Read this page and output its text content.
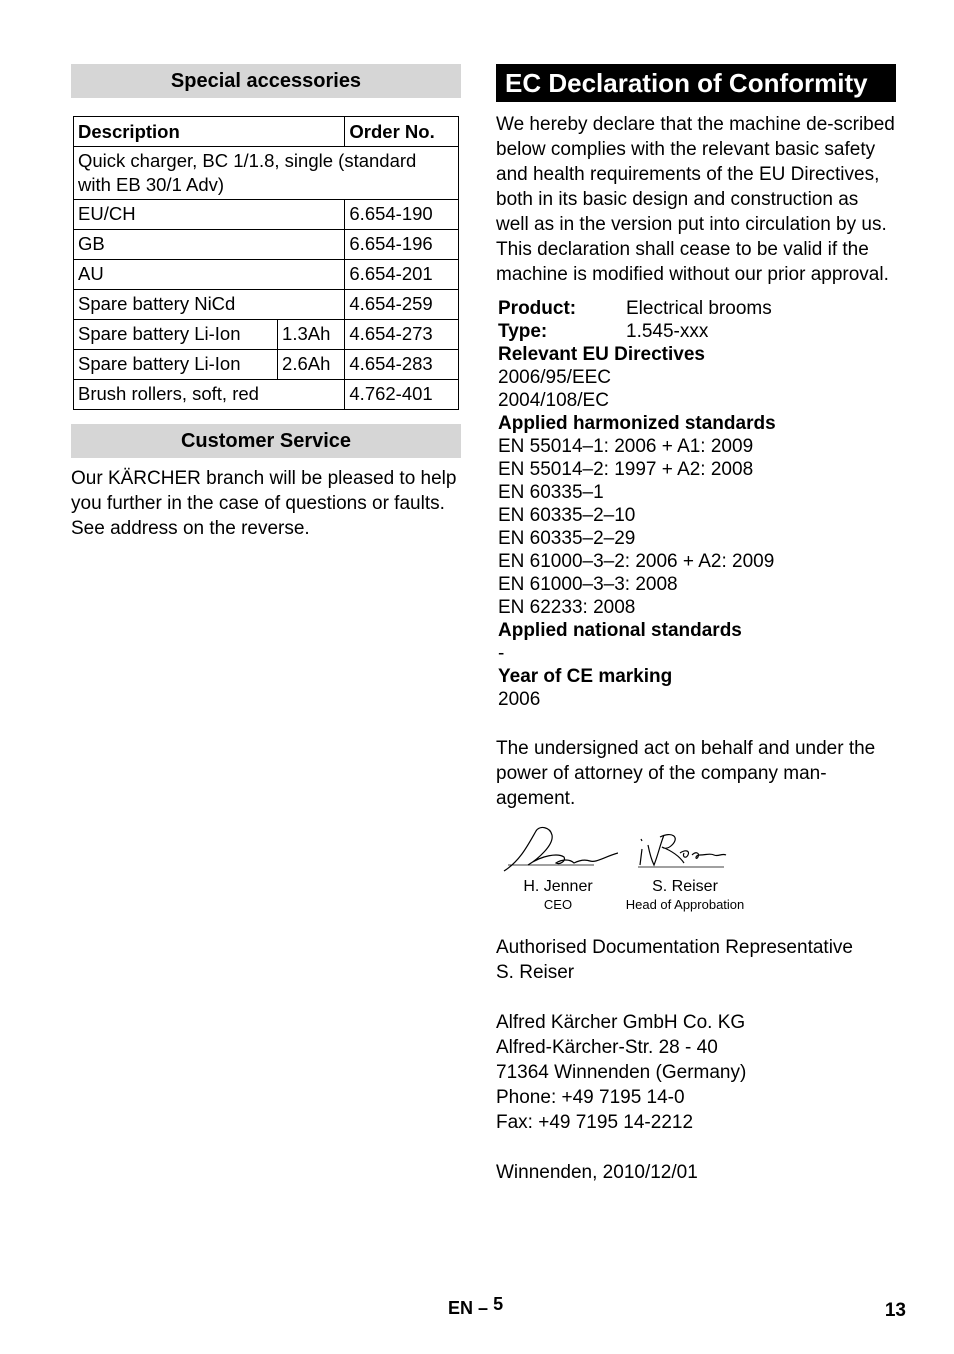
Special accessories
Description		Order No.
Quick charger, BC 1/1.8, single (standard with EB 30/1 Adv)		
EU/CH		6.654-190
GB		6.654-196
AU		6.654-201
Spare battery NiCd		4.654-259
Spare battery Li-Ion	1.3Ah	4.654-273
Spare battery Li-Ion	2.6Ah	4.654-283
Brush rollers, soft, red		4.762-401
Customer Service
Our KÄRCHER branch will be pleased to help you further in the case of questions or faults. See address on the reverse.
EC Declaration of Conformity
We hereby declare that the machine de-scribed below complies with the relevant basic safety and health requirements of the EU Directives, both in its basic design and construction as well as in the version put into circulation by us. This declaration shall cease to be valid if the machine is modified without our prior approval.
Product:	Electrical brooms
Type:	1.545-xxx
Relevant EU Directives
2006/95/EEC
2004/108/EC
Applied harmonized standards
EN 55014–1: 2006 + A1: 2009
EN 55014–2: 1997 + A2: 2008
EN 60335–1
EN 60335–2–10
EN 60335–2–29
EN 61000–3–2: 2006 + A2: 2009
EN 61000–3–3: 2008
EN 62233: 2008
Applied national standards
-
Year of CE marking
2006
The undersigned act on behalf and under the power of attorney of the company man-agement.
H. Jenner
CEO
S. Reiser
Head of Approbation
Authorised Documentation Representative
S. Reiser
Alfred Kärcher GmbH Co. KG
Alfred-Kärcher-Str. 28 - 40
71364 Winnenden (Germany)
Phone: +49 7195 14-0
Fax: +49 7195 14-2212
Winnenden, 2010/12/01
EN – 5	13
